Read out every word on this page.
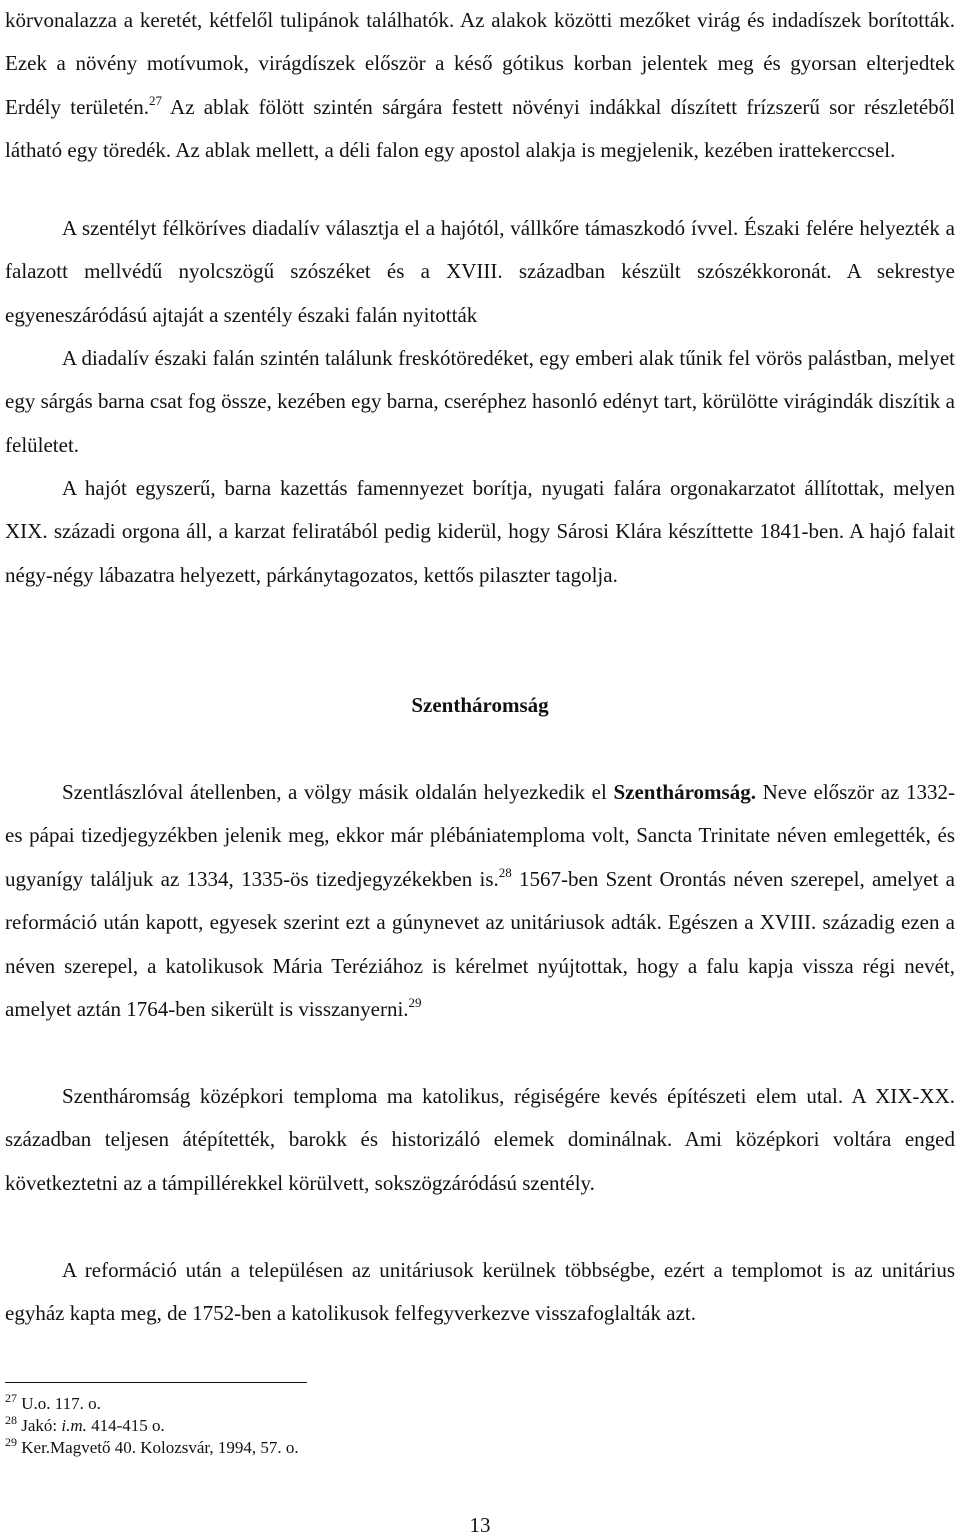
körvonalazza a keretét, kétfelől tulipánok találhatók. Az alakok közötti mezőket virág és indadíszek borították. Ezek a növény motívumok, virágdíszek először a késő gótikus korban jelentek meg és gyorsan elterjedtek Erdély területén.$^{27}$ Az ablak fölött szintén sárgára festett növényi indákkal díszített frízszerű sor részletéből látható egy töredék. Az ablak mellett, a déli falon egy apostol alakja is megjelenik, kezében irattekerccsel.

A szentélyt félköríves diadalív választja el a hajótól, vállkőre támaszkodó ívvel. Északi felére helyezték a falazott mellvédű nyolcszögű szószéket és a XVIII. században készült szószékkoronát. A sekrestye egyeneszáródású ajtaját a szentély északi falán nyitották

A diadalív északi falán szintén találunk freskótöredéket, egy emberi alak tűnik fel vörös palástban, melyet egy sárgás barna csat fog össze, kezében egy barna, cseréphez hasonló edényt tart, körülötte virágindák diszítik a felületet.

A hajót egyszerű, barna kazettás famennyezet borítja, nyugati falára orgonakarzatot állítottak, melyen XIX. századi orgona áll, a karzat feliratából pedig kiderül, hogy Sárosi Klára készíttette 1841-ben. A hajó falait négy-négy lábazatra helyezett, párkánytagozatos, kettős pilaszter tagolja.

Szentháromság

Szentlászlóval átellenben, a völgy másik oldalán helyezkedik el Szentháromság. Neve először az 1332-es pápai tizedjegyzékben jelenik meg, ekkor már plébániatemploma volt, Sancta Trinitate néven emlegették, és ugyanígy találjuk az 1334, 1335-ös tizedjegyzékekben is.$^{28}$ 1567-ben Szent Orontás néven szerepel, amelyet a reformáció után kapott, egyesek szerint ezt a gúnynevet az unitáriusok adták. Egészen a XVIII. századig ezen a néven szerepel, a katolikusok Mária Teréziához is kérelmet nyújtottak, hogy a falu kapja vissza régi nevét, amelyet aztán 1764-ben sikerült is visszanyerni.$^{29}$

Szentháromság középkori temploma ma katolikus, régiségére kevés építészeti elem utal. A XIX-XX. században teljesen átépítették, barokk és historizáló elemek dominálnak. Ami középkori voltára enged következtetni az a támpillérekkel körülvett, sokszögzáródású szentély.

A reformáció után a településen az unitáriusok kerülnek többségbe, ezért a templomot is az unitárius egyház kapta meg, de 1752-ben a katolikusok felfegyverkezve visszafoglalták azt.

$^{27}$ U.o. 117. o.

$^{28}$ Jakó: i.m. 414-415 o.

$^{29}$ Ker.Magvető 40. Kolozsvár, 1994, 57. o.

13
